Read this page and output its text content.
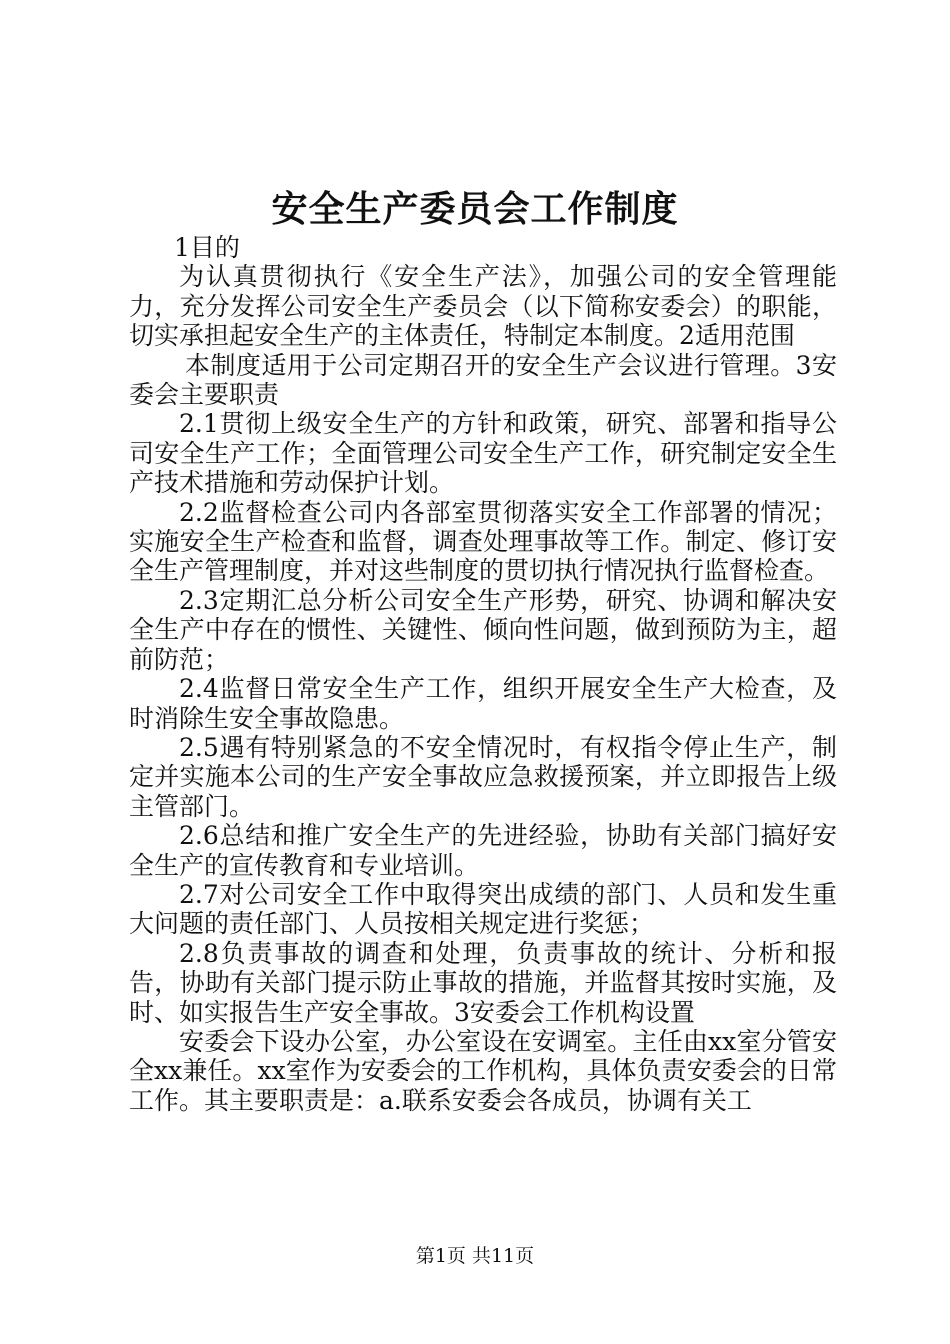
安全生产委员会工作制度

1目的

为认真贯彻执行《安全生产法》，加强公司的安全管理能力，充分发挥公司安全生产委员会（以下简称安委会）的职能，切实承担起安全生产的主体责任，特制定本制度。2适用范围

本制度适用于公司定期召开的安全生产会议进行管理。3安委会主要职责

2.1贯彻上级安全生产的方针和政策，研究、部署和指导公司安全生产工作；全面管理公司安全生产工作，研究制定安全生产技术措施和劳动保护计划。

2.2监督检查公司内各部室贯彻落实安全工作部署的情况；实施安全生产检查和监督，调查处理事故等工作。制定、修订安全生产管理制度，并对这些制度的贯切执行情况执行监督检查。

2.3定期汇总分析公司安全生产形势，研究、协调和解决安全生产中存在的惯性、关键性、倾向性问题，做到预防为主，超前防范；

2.4监督日常安全生产工作，组织开展安全生产大检查，及时消除生安全事故隐患。

2.5遇有特别紧急的不安全情况时，有权指令停止生产，制定并实施本公司的生产安全事故应急救援预案，并立即报告上级主管部门。

2.6总结和推广安全生产的先进经验，协助有关部门搞好安全生产的宣传教育和专业培训。

2.7对公司安全工作中取得突出成绩的部门、人员和发生重大问题的责任部门、人员按相关规定进行奖惩；

2.8负责事故的调查和处理，负责事故的统计、分析和报告，协助有关部门提示防止事故的措施，并监督其按时实施，及时、如实报告生产安全事故。3安委会工作机构设置

安委会下设办公室，办公室设在安调室。主任由xx室分管安全xx兼任。xx室作为安委会的工作机构，具体负责安委会的日常工作。其主要职责是：a.联系安委会各成员，协调有关工

第1页 共11页
